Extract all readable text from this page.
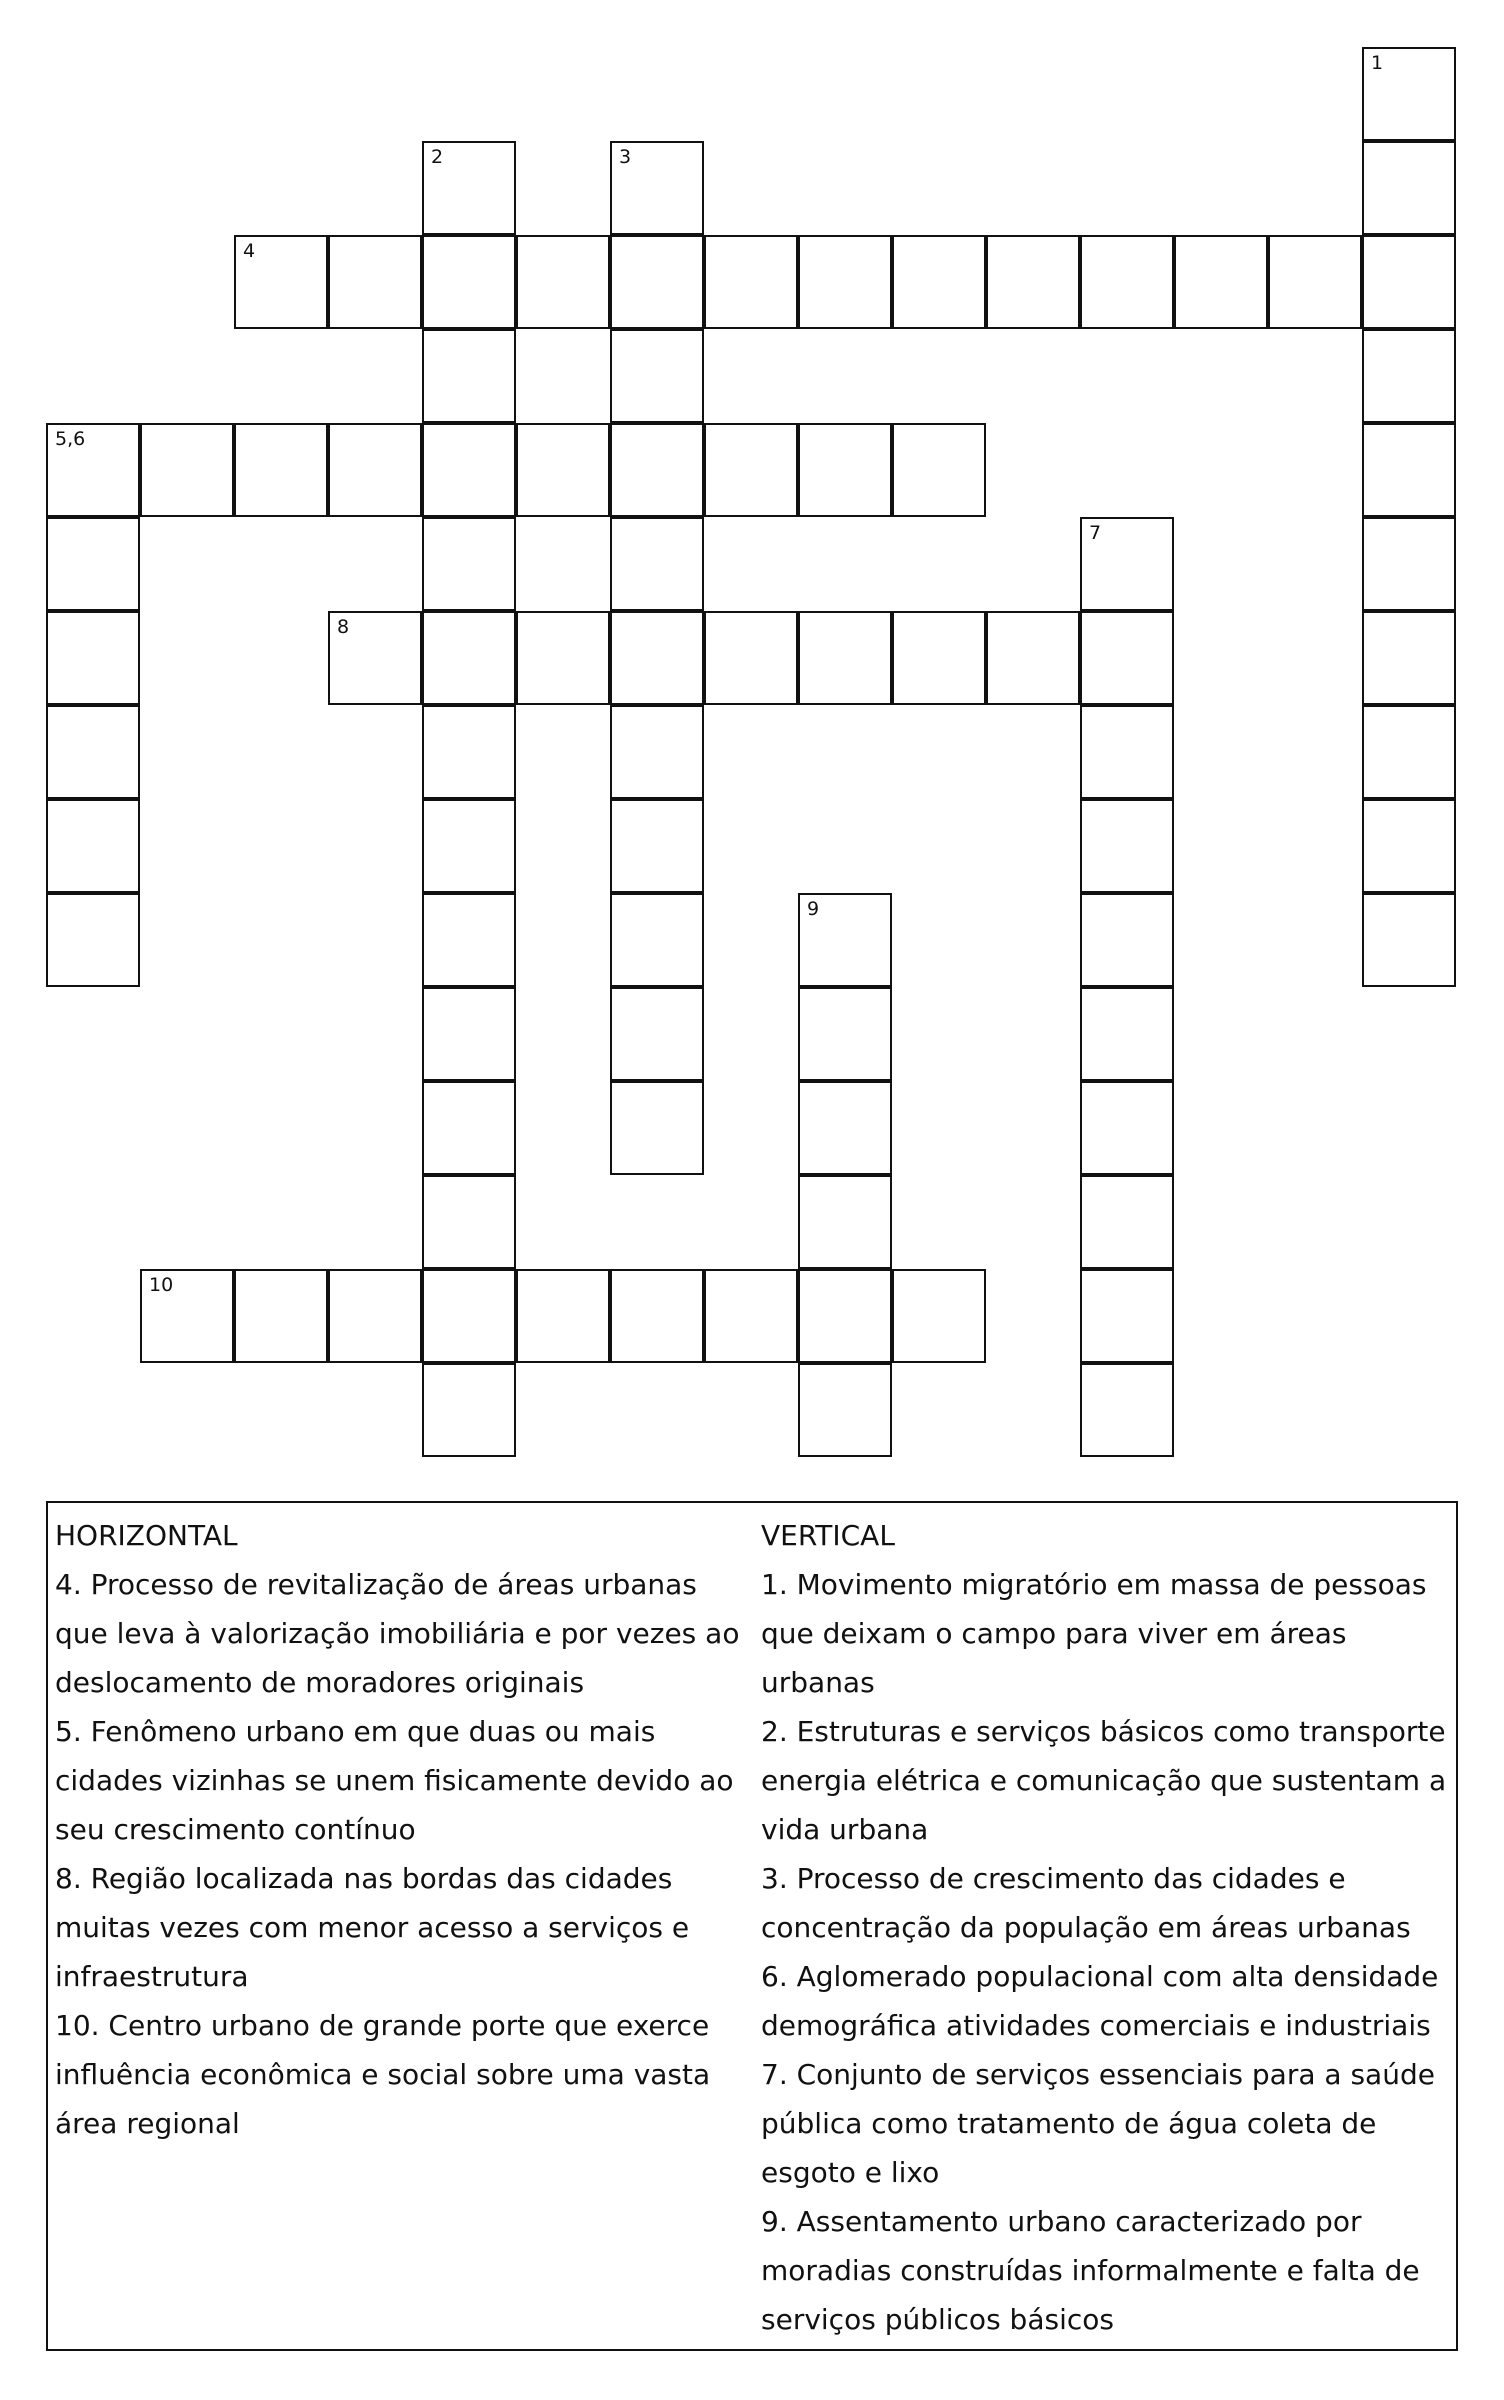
1
2	3
4
5,6
7
8
9
10
HORIZONTAL
4. Processo de revitalização de áreas urbanas que leva à valorização imobiliária e por vezes ao deslocamento de moradores originais
5. Fenômeno urbano em que duas ou mais cidades vizinhas se unem fisicamente devido ao seu crescimento contínuo
8. Região localizada nas bordas das cidades muitas vezes com menor acesso a serviços e infraestrutura
10. Centro urbano de grande porte que exerce influência econômica e social sobre uma vasta área regional
VERTICAL
1. Movimento migratório em massa de pessoas que deixam o campo para viver em áreas urbanas
2. Estruturas e serviços básicos como transporte energia elétrica e comunicação que sustentam a vida urbana
3. Processo de crescimento das cidades e concentração da população em áreas urbanas
6. Aglomerado populacional com alta densidade demográfica atividades comerciais e industriais
7. Conjunto de serviços essenciais para a saúde pública como tratamento de água coleta de esgoto e lixo
9. Assentamento urbano caracterizado por moradias construídas informalmente e falta de serviços públicos básicos
